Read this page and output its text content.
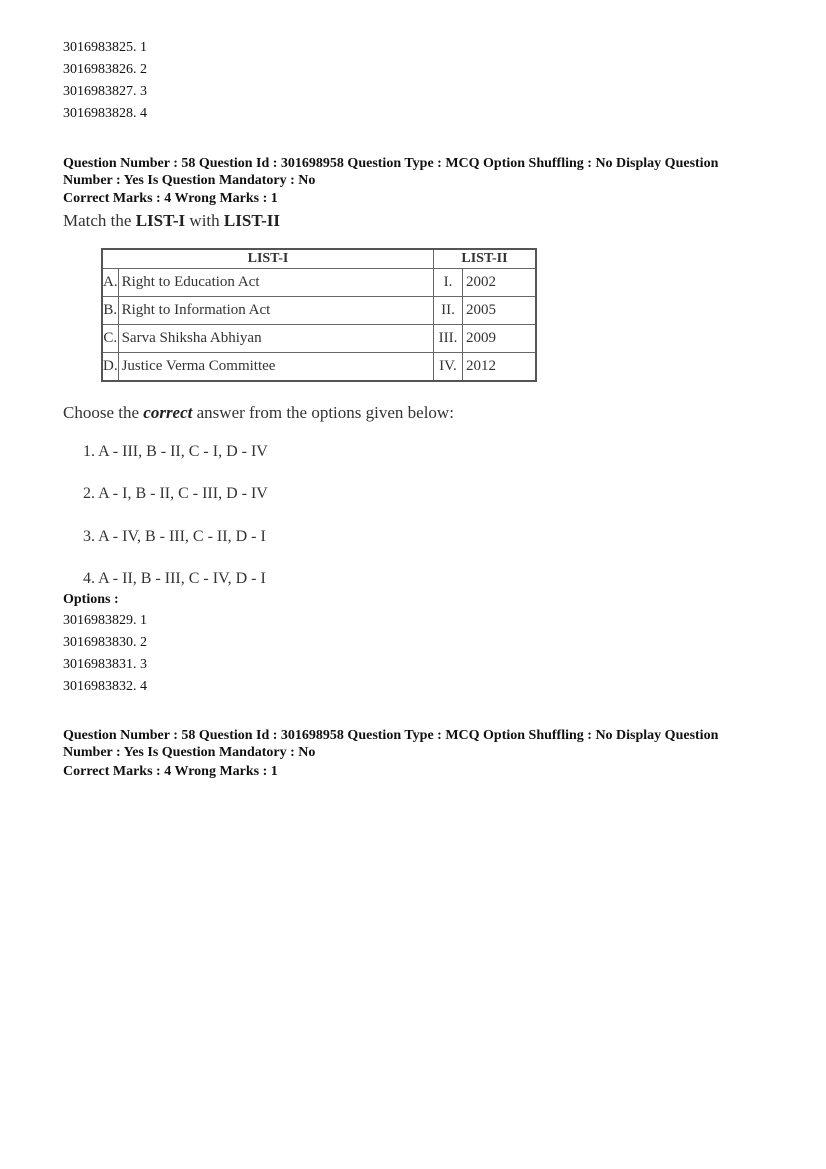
3016983825. 1
3016983826. 2
3016983827. 3
3016983828. 4
Question Number : 58 Question Id : 301698958 Question Type : MCQ Option Shuffling : No Display Question
Number : Yes Is Question Mandatory : No
Correct Marks : 4 Wrong Marks : 1
Match the LIST-I with LIST-II
LIST-I		LIST-II	
A.	Right to Education Act	I.	2002
B.	Right to Information Act	II.	2005
C.	Sarva Shiksha Abhiyan	III.	2009
D.	Justice Verma Committee	IV.	2012
Choose the correct answer from the options given below:
1. A - III, B - II, C - I, D - IV
2. A - I, B - II, C - III, D - IV
3. A - IV, B - III, C - II, D - I
4. A - II, B - III, C - IV, D - I
Options :
3016983829. 1
3016983830. 2
3016983831. 3
3016983832. 4
Question Number : 58 Question Id : 301698958 Question Type : MCQ Option Shuffling : No Display Question
Number : Yes Is Question Mandatory : No
Correct Marks : 4 Wrong Marks : 1
